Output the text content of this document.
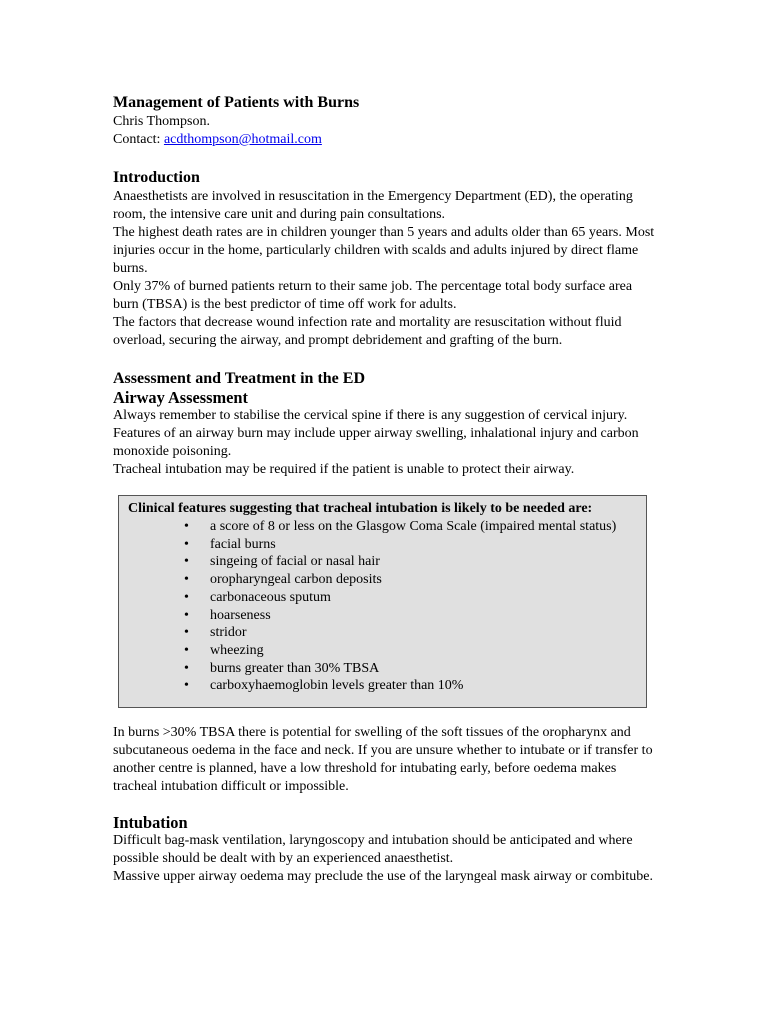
Management of Patients with Burns

Chris Thompson.

Contact: acdthompson@hotmail.com

Introduction

Anaesthetists are involved in resuscitation in the Emergency Department (ED), the operating room, the intensive care unit and during pain consultations.

The highest death rates are in children younger than 5 years and adults older than 65 years. Most injuries occur in the home, particularly children with scalds and adults injured by direct flame burns.

Only 37% of burned patients return to their same job. The percentage total body surface area burn (TBSA) is the best predictor of time off work for adults.

The factors that decrease wound infection rate and mortality are resuscitation without fluid overload, securing the airway, and prompt debridement and grafting of the burn.

Assessment and Treatment in the ED
Airway Assessment

Always remember to stabilise the cervical spine if there is any suggestion of cervical injury.

Features of an airway burn may include upper airway swelling, inhalational injury and carbon monoxide poisoning.

Tracheal intubation may be required if the patient is unable to protect their airway.

Clinical features suggesting that tracheal intubation is likely to be needed are:

• a score of 8 or less on the Glasgow Coma Scale (impaired mental status)
• facial burns
• singeing of facial or nasal hair
• oropharyngeal carbon deposits
• carbonaceous sputum
• hoarseness
• stridor
• wheezing
• burns greater than 30% TBSA
• carboxyhaemoglobin levels greater than 10%

In burns >30% TBSA there is potential for swelling of the soft tissues of the oropharynx and subcutaneous oedema in the face and neck. If you are unsure whether to intubate or if transfer to another centre is planned, have a low threshold for intubating early, before oedema makes tracheal intubation difficult or impossible.

Intubation

Difficult bag-mask ventilation, laryngoscopy and intubation should be anticipated and where possible should be dealt with by an experienced anaesthetist.

Massive upper airway oedema may preclude the use of the laryngeal mask airway or combitube.
